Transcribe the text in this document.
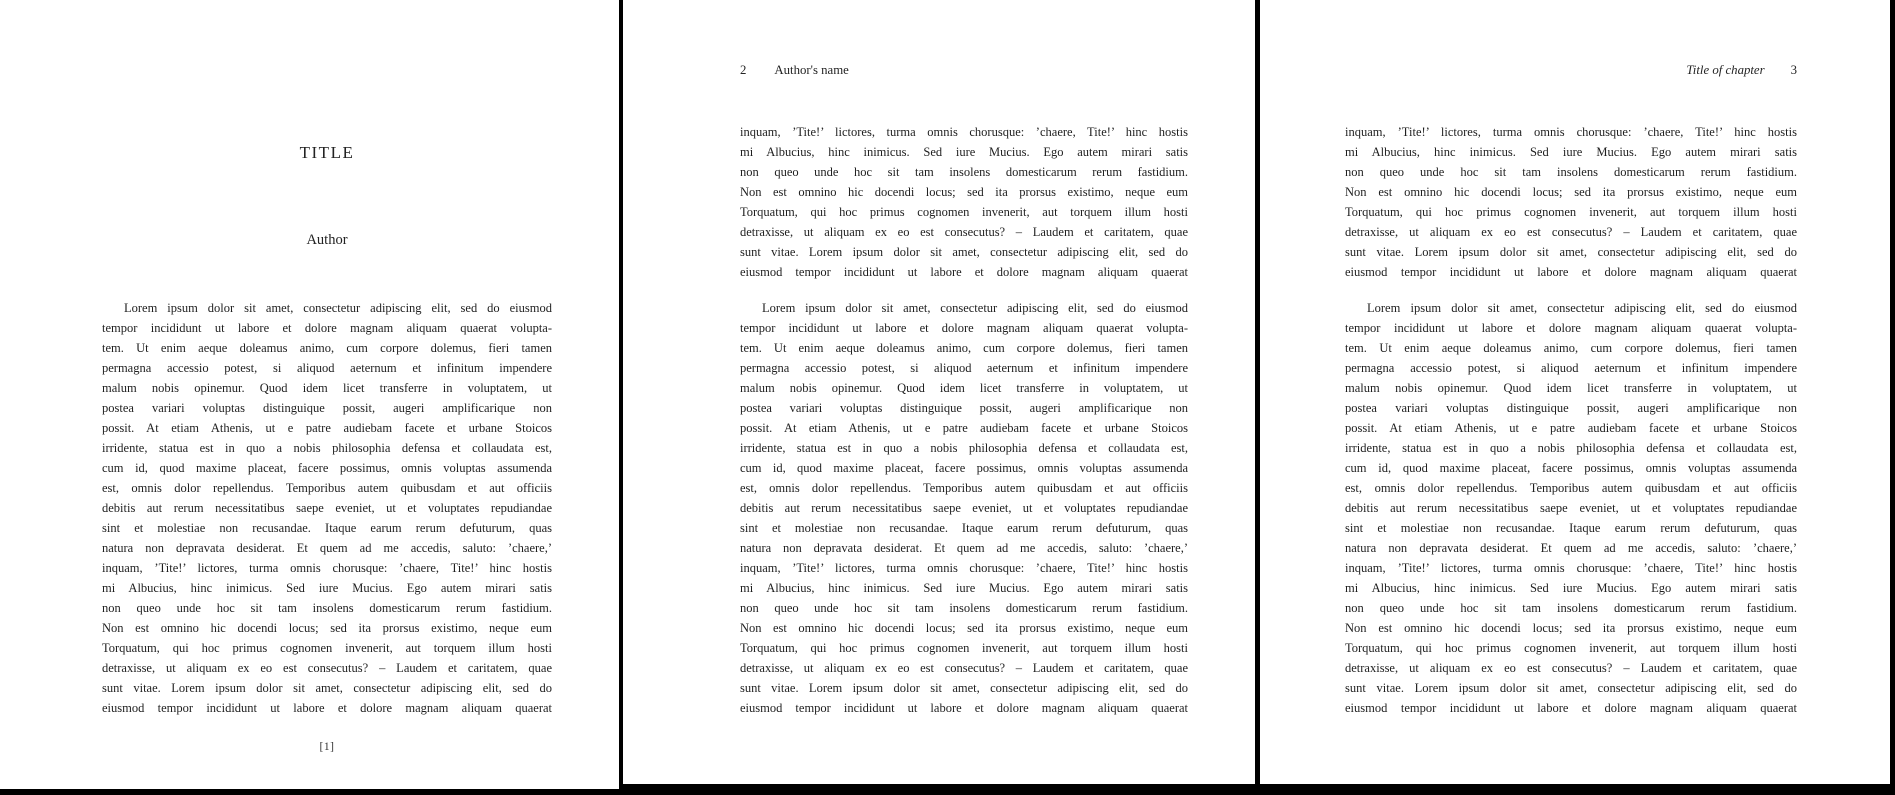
TITLE
Author
Lorem ipsum dolor sit amet, consectetur adipiscing elit, sed do eiusmod
tempor incididunt ut labore et dolore magnam aliquam quaerat volupta-
tem. Ut enim aeque doleamus animo, cum corpore dolemus, fieri tamen
permagna accessio potest, si aliquod aeternum et infinitum impendere
malum nobis opinemur. Quod idem licet transferre in voluptatem, ut
postea variari voluptas distinguique possit, augeri amplificarique non
possit. At etiam Athenis, ut e patre audiebam facete et urbane Stoicos
irridente, statua est in quo a nobis philosophia defensa et collaudata est,
cum id, quod maxime placeat, facere possimus, omnis voluptas assumenda
est, omnis dolor repellendus. Temporibus autem quibusdam et aut officiis
debitis aut rerum necessitatibus saepe eveniet, ut et voluptates repudiandae
sint et molestiae non recusandae. Itaque earum rerum defuturum, quas
natura non depravata desiderat. Et quem ad me accedis, saluto: ’chaere,’
inquam, ’Tite!’ lictores, turma omnis chorusque: ’chaere, Tite!’ hinc hostis
mi Albucius, hinc inimicus. Sed iure Mucius. Ego autem mirari satis
non queo unde hoc sit tam insolens domesticarum rerum fastidium.
Non est omnino hic docendi locus; sed ita prorsus existimo, neque eum
Torquatum, qui hoc primus cognomen invenerit, aut torquem illum hosti
detraxisse, ut aliquam ex eo est consecutus? – Laudem et caritatem, quae
sunt vitae. Lorem ipsum dolor sit amet, consectetur adipiscing elit, sed do
eiusmod tempor incididunt ut labore et dolore magnam aliquam quaerat
[1]
2 Author's name
inquam, ’Tite!’ lictores, turma omnis chorusque: ’chaere, Tite!’ hinc hostis
mi Albucius, hinc inimicus. Sed iure Mucius. Ego autem mirari satis
non queo unde hoc sit tam insolens domesticarum rerum fastidium.
Non est omnino hic docendi locus; sed ita prorsus existimo, neque eum
Torquatum, qui hoc primus cognomen invenerit, aut torquem illum hosti
detraxisse, ut aliquam ex eo est consecutus? – Laudem et caritatem, quae
sunt vitae. Lorem ipsum dolor sit amet, consectetur adipiscing elit, sed do
eiusmod tempor incididunt ut labore et dolore magnam aliquam quaerat
Lorem ipsum dolor sit amet, consectetur adipiscing elit, sed do eiusmod
tempor incididunt ut labore et dolore magnam aliquam quaerat volupta-
tem. Ut enim aeque doleamus animo, cum corpore dolemus, fieri tamen
permagna accessio potest, si aliquod aeternum et infinitum impendere
malum nobis opinemur. Quod idem licet transferre in voluptatem, ut
postea variari voluptas distinguique possit, augeri amplificarique non
possit. At etiam Athenis, ut e patre audiebam facete et urbane Stoicos
irridente, statua est in quo a nobis philosophia defensa et collaudata est,
cum id, quod maxime placeat, facere possimus, omnis voluptas assumenda
est, omnis dolor repellendus. Temporibus autem quibusdam et aut officiis
debitis aut rerum necessitatibus saepe eveniet, ut et voluptates repudiandae
sint et molestiae non recusandae. Itaque earum rerum defuturum, quas
natura non depravata desiderat. Et quem ad me accedis, saluto: ’chaere,’
inquam, ’Tite!’ lictores, turma omnis chorusque: ’chaere, Tite!’ hinc hostis
mi Albucius, hinc inimicus. Sed iure Mucius. Ego autem mirari satis
non queo unde hoc sit tam insolens domesticarum rerum fastidium.
Non est omnino hic docendi locus; sed ita prorsus existimo, neque eum
Torquatum, qui hoc primus cognomen invenerit, aut torquem illum hosti
detraxisse, ut aliquam ex eo est consecutus? – Laudem et caritatem, quae
sunt vitae. Lorem ipsum dolor sit amet, consectetur adipiscing elit, sed do
eiusmod tempor incididunt ut labore et dolore magnam aliquam quaerat
Title of chapter 3
inquam, ’Tite!’ lictores, turma omnis chorusque: ’chaere, Tite!’ hinc hostis
mi Albucius, hinc inimicus. Sed iure Mucius. Ego autem mirari satis
non queo unde hoc sit tam insolens domesticarum rerum fastidium.
Non est omnino hic docendi locus; sed ita prorsus existimo, neque eum
Torquatum, qui hoc primus cognomen invenerit, aut torquem illum hosti
detraxisse, ut aliquam ex eo est consecutus? – Laudem et caritatem, quae
sunt vitae. Lorem ipsum dolor sit amet, consectetur adipiscing elit, sed do
eiusmod tempor incididunt ut labore et dolore magnam aliquam quaerat
Lorem ipsum dolor sit amet, consectetur adipiscing elit, sed do eiusmod
tempor incididunt ut labore et dolore magnam aliquam quaerat volupta-
tem. Ut enim aeque doleamus animo, cum corpore dolemus, fieri tamen
permagna accessio potest, si aliquod aeternum et infinitum impendere
malum nobis opinemur. Quod idem licet transferre in voluptatem, ut
postea variari voluptas distinguique possit, augeri amplificarique non
possit. At etiam Athenis, ut e patre audiebam facete et urbane Stoicos
irridente, statua est in quo a nobis philosophia defensa et collaudata est,
cum id, quod maxime placeat, facere possimus, omnis voluptas assumenda
est, omnis dolor repellendus. Temporibus autem quibusdam et aut officiis
debitis aut rerum necessitatibus saepe eveniet, ut et voluptates repudiandae
sint et molestiae non recusandae. Itaque earum rerum defuturum, quas
natura non depravata desiderat. Et quem ad me accedis, saluto: ’chaere,’
inquam, ’Tite!’ lictores, turma omnis chorusque: ’chaere, Tite!’ hinc hostis
mi Albucius, hinc inimicus. Sed iure Mucius. Ego autem mirari satis
non queo unde hoc sit tam insolens domesticarum rerum fastidium.
Non est omnino hic docendi locus; sed ita prorsus existimo, neque eum
Torquatum, qui hoc primus cognomen invenerit, aut torquem illum hosti
detraxisse, ut aliquam ex eo est consecutus? – Laudem et caritatem, quae
sunt vitae. Lorem ipsum dolor sit amet, consectetur adipiscing elit, sed do
eiusmod tempor incididunt ut labore et dolore magnam aliquam quaerat
